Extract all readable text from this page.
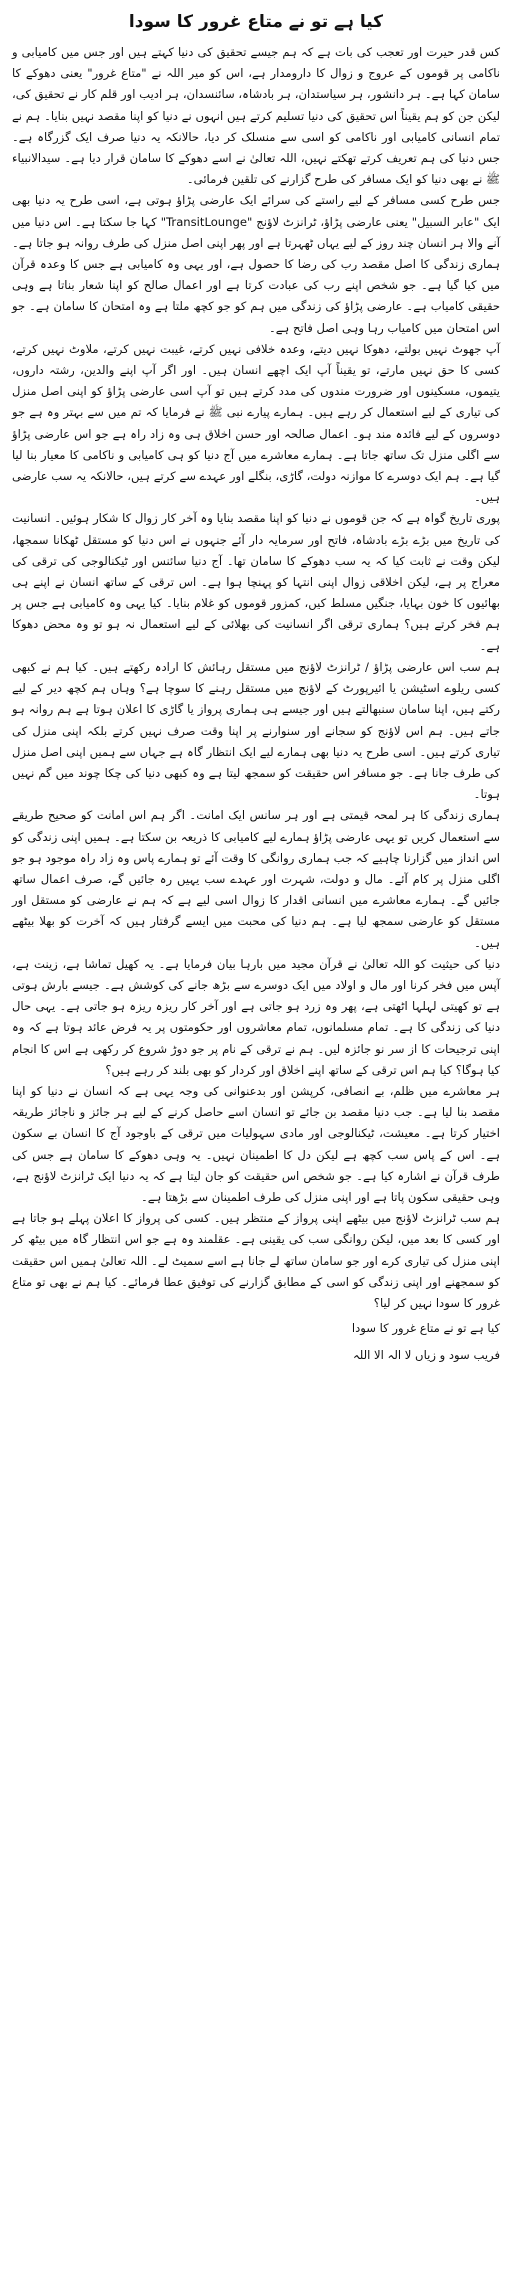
کیا ہے تو نے متاع غرور کا سودا

کس قدر حیرت اور تعجب کی بات ہے کہ ہم جیسے تحقیق کی دنیا کہتے ہیں اور جس میں کامیابی و ناکامی پر قوموں کے عروج و زوال کا دارومدار ہے، اس کو میر اللہ نے "متاع غرور" یعنی دھوکے کا سامان کہا ہے۔ ہر دانشور، ہر سیاستدان، ہر بادشاہ، سائنسدان، ہر ادیب اور قلم کار نے تحقیق کی، لیکن جن کو ہم یقیناً اس تحقیق کی دنیا تسلیم کرتے ہیں انہوں نے دنیا کو اپنا مقصد نہیں بنایا۔ ہم نے تمام انسانی کامیابی اور ناکامی کو اسی سے منسلک کر دیا، حالانکہ یہ دنیا صرف ایک گزرگاہ ہے۔ جس دنیا کی ہم تعریف کرتے تھکتے نہیں، اللہ تعالیٰ نے اسے دھوکے کا سامان قرار دیا ہے۔ سیدالانبیاء ﷺ نے بھی دنیا کو ایک مسافر کی طرح گزارنے کی تلقین فرمائی۔

جس طرح کسی مسافر کے لیے راستے کی سرائے ایک عارضی پڑاؤ ہوتی ہے، اسی طرح یہ دنیا بھی ایک "عابر السبیل" یعنی عارضی پڑاؤ، ٹرانزٹ لاؤنج "TransitLounge" کہا جا سکتا ہے۔ اس دنیا میں آنے والا ہر انسان چند روز کے لیے یہاں ٹھہرتا ہے اور پھر اپنی اصل منزل کی طرف روانہ ہو جاتا ہے۔ ہماری زندگی کا اصل مقصد رب کی رضا کا حصول ہے، اور یہی وہ کامیابی ہے جس کا وعدہ قرآن میں کیا گیا ہے۔ جو شخص اپنے رب کی عبادت کرتا ہے اور اعمال صالح کو اپنا شعار بناتا ہے وہی حقیقی کامیاب ہے۔ عارضی پڑاؤ کی زندگی میں ہم کو جو کچھ ملتا ہے وہ امتحان کا سامان ہے۔ جو اس امتحان میں کامیاب رہا وہی اصل فاتح ہے۔

آپ جھوٹ نہیں بولتے، دھوکا نہیں دیتے، وعدہ خلافی نہیں کرتے، غیبت نہیں کرتے، ملاوٹ نہیں کرتے، کسی کا حق نہیں مارتے، تو یقیناً آپ ایک اچھے انسان ہیں۔ اور اگر آپ اپنے والدین، رشتہ داروں، یتیموں، مسکینوں اور ضرورت مندوں کی مدد کرتے ہیں تو آپ اسی عارضی پڑاؤ کو اپنی اصل منزل کی تیاری کے لیے استعمال کر رہے ہیں۔ ہمارے پیارے نبی ﷺ نے فرمایا کہ تم میں سے بہتر وہ ہے جو دوسروں کے لیے فائدہ مند ہو۔ اعمال صالحہ اور حسن اخلاق ہی وہ زاد راہ ہے جو اس عارضی پڑاؤ سے اگلی منزل تک ساتھ جاتا ہے۔ ہمارے معاشرے میں آج دنیا کو ہی کامیابی و ناکامی کا معیار بنا لیا گیا ہے۔ ہم ایک دوسرے کا موازنہ دولت، گاڑی، بنگلے اور عہدے سے کرتے ہیں، حالانکہ یہ سب عارضی ہیں۔

پوری تاریخ گواہ ہے کہ جن قوموں نے دنیا کو اپنا مقصد بنایا وہ آخر کار زوال کا شکار ہوئیں۔ انسانیت کی تاریخ میں بڑے بڑے بادشاہ، فاتح اور سرمایہ دار آئے جنہوں نے اس دنیا کو مستقل ٹھکانا سمجھا، لیکن وقت نے ثابت کیا کہ یہ سب دھوکے کا سامان تھا۔ آج دنیا سائنس اور ٹیکنالوجی کی ترقی کی معراج پر ہے، لیکن اخلاقی زوال اپنی انتہا کو پہنچا ہوا ہے۔ اس ترقی کے ساتھ انسان نے اپنے ہی بھائیوں کا خون بہایا، جنگیں مسلط کیں، کمزور قوموں کو غلام بنایا۔ کیا یہی وہ کامیابی ہے جس پر ہم فخر کرتے ہیں؟ ہماری ترقی اگر انسانیت کی بھلائی کے لیے استعمال نہ ہو تو وہ محض دھوکا ہے۔

ہم سب اس عارضی پڑاؤ / ٹرانزٹ لاؤنج میں مستقل رہائش کا ارادہ رکھتے ہیں۔ کیا ہم نے کبھی کسی ریلوے اسٹیشن یا ائیرپورٹ کے لاؤنج میں مستقل رہنے کا سوچا ہے؟ وہاں ہم کچھ دیر کے لیے رکتے ہیں، اپنا سامان سنبھالتے ہیں اور جیسے ہی ہماری پرواز یا گاڑی کا اعلان ہوتا ہے ہم روانہ ہو جاتے ہیں۔ ہم اس لاؤنج کو سجانے اور سنوارنے پر اپنا وقت صرف نہیں کرتے بلکہ اپنی منزل کی تیاری کرتے ہیں۔ اسی طرح یہ دنیا بھی ہمارے لیے ایک انتظار گاہ ہے جہاں سے ہمیں اپنی اصل منزل کی طرف جانا ہے۔ جو مسافر اس حقیقت کو سمجھ لیتا ہے وہ کبھی دنیا کی چکا چوند میں گم نہیں ہوتا۔

ہماری زندگی کا ہر لمحہ قیمتی ہے اور ہر سانس ایک امانت۔ اگر ہم اس امانت کو صحیح طریقے سے استعمال کریں تو یہی عارضی پڑاؤ ہمارے لیے کامیابی کا ذریعہ بن سکتا ہے۔ ہمیں اپنی زندگی کو اس انداز میں گزارنا چاہیے کہ جب ہماری روانگی کا وقت آئے تو ہمارے پاس وہ زاد راہ موجود ہو جو اگلی منزل پر کام آئے۔ مال و دولت، شہرت اور عہدے سب یہیں رہ جائیں گے، صرف اعمال ساتھ جائیں گے۔ ہمارے معاشرے میں انسانی اقدار کا زوال اسی لیے ہے کہ ہم نے عارضی کو مستقل اور مستقل کو عارضی سمجھ لیا ہے۔ ہم دنیا کی محبت میں ایسے گرفتار ہیں کہ آخرت کو بھلا بیٹھے ہیں۔

دنیا کی حیثیت کو اللہ تعالیٰ نے قرآن مجید میں بارہا بیان فرمایا ہے۔ یہ کھیل تماشا ہے، زینت ہے، آپس میں فخر کرنا اور مال و اولاد میں ایک دوسرے سے بڑھ جانے کی کوشش ہے۔ جیسے بارش ہوتی ہے تو کھیتی لہلہا اٹھتی ہے، پھر وہ زرد ہو جاتی ہے اور آخر کار ریزہ ریزہ ہو جاتی ہے۔ یہی حال دنیا کی زندگی کا ہے۔ تمام مسلمانوں، تمام معاشروں اور حکومتوں پر یہ فرض عائد ہوتا ہے کہ وہ اپنی ترجیحات کا از سر نو جائزہ لیں۔ ہم نے ترقی کے نام پر جو دوڑ شروع کر رکھی ہے اس کا انجام کیا ہوگا؟ کیا ہم اس ترقی کے ساتھ اپنے اخلاق اور کردار کو بھی بلند کر رہے ہیں؟

ہر معاشرے میں ظلم، بے انصافی، کرپشن اور بدعنوانی کی وجہ یہی ہے کہ انسان نے دنیا کو اپنا مقصد بنا لیا ہے۔ جب دنیا مقصد بن جائے تو انسان اسے حاصل کرنے کے لیے ہر جائز و ناجائز طریقہ اختیار کرتا ہے۔ معیشت، ٹیکنالوجی اور مادی سہولیات میں ترقی کے باوجود آج کا انسان بے سکون ہے۔ اس کے پاس سب کچھ ہے لیکن دل کا اطمینان نہیں۔ یہ وہی دھوکے کا سامان ہے جس کی طرف قرآن نے اشارہ کیا ہے۔ جو شخص اس حقیقت کو جان لیتا ہے کہ یہ دنیا ایک ٹرانزٹ لاؤنج ہے، وہی حقیقی سکون پاتا ہے اور اپنی منزل کی طرف اطمینان سے بڑھتا ہے۔

ہم سب ٹرانزٹ لاؤنج میں بیٹھے اپنی پرواز کے منتظر ہیں۔ کسی کی پرواز کا اعلان پہلے ہو جاتا ہے اور کسی کا بعد میں، لیکن روانگی سب کی یقینی ہے۔ عقلمند وہ ہے جو اس انتظار گاہ میں بیٹھ کر اپنی منزل کی تیاری کرے اور جو سامان ساتھ لے جانا ہے اسے سمیٹ لے۔ اللہ تعالیٰ ہمیں اس حقیقت کو سمجھنے اور اپنی زندگی کو اسی کے مطابق گزارنے کی توفیق عطا فرمائے۔ کیا ہم نے بھی تو متاع غرور کا سودا نہیں کر لیا؟

کیا ہے تو نے متاع غرور کا سودا
فریب سود و زیاں لا الہ الا اللہ
